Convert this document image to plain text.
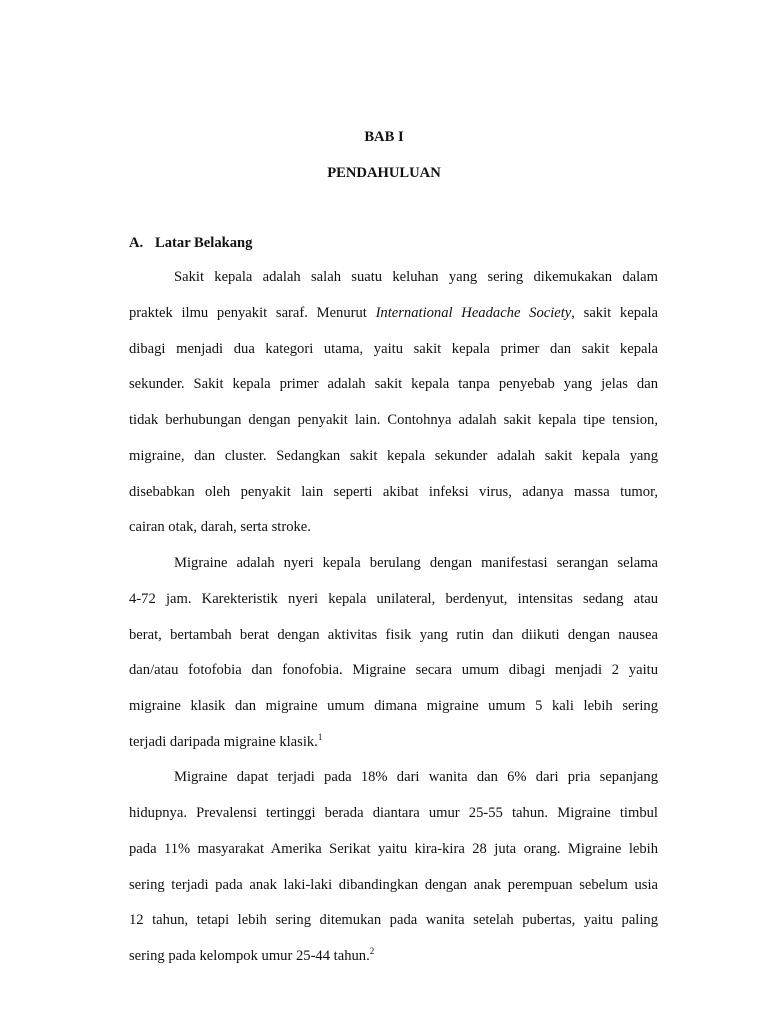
BAB I
PENDAHULUAN
A. Latar Belakang
Sakit kepala adalah salah suatu keluhan yang sering dikemukakan dalam
praktek ilmu penyakit saraf. Menurut International Headache Society, sakit kepala
dibagi menjadi dua kategori utama, yaitu sakit kepala primer dan sakit kepala
sekunder. Sakit kepala primer adalah sakit kepala tanpa penyebab yang jelas dan
tidak berhubungan dengan penyakit lain. Contohnya adalah sakit kepala tipe tension,
migraine, dan cluster. Sedangkan sakit kepala sekunder adalah sakit kepala yang
disebabkan oleh penyakit lain seperti akibat infeksi virus, adanya massa tumor,
cairan otak, darah, serta stroke.
Migraine adalah nyeri kepala berulang dengan manifestasi serangan selama
4-72 jam. Karekteristik nyeri kepala unilateral, berdenyut, intensitas sedang atau
berat, bertambah berat dengan aktivitas fisik yang rutin dan diikuti dengan nausea
dan/atau fotofobia dan fonofobia. Migraine secara umum dibagi menjadi 2 yaitu
migraine klasik dan migraine umum dimana migraine umum 5 kali lebih sering
terjadi daripada migraine klasik.$^1$
Migraine dapat terjadi pada 18% dari wanita dan 6% dari pria sepanjang
hidupnya. Prevalensi tertinggi berada diantara umur 25-55 tahun. Migraine timbul
pada 11% masyarakat Amerika Serikat yaitu kira-kira 28 juta orang. Migraine lebih
sering terjadi pada anak laki-laki dibandingkan dengan anak perempuan sebelum usia
12 tahun, tetapi lebih sering ditemukan pada wanita setelah pubertas, yaitu paling
sering pada kelompok umur 25-44 tahun.$^2$
